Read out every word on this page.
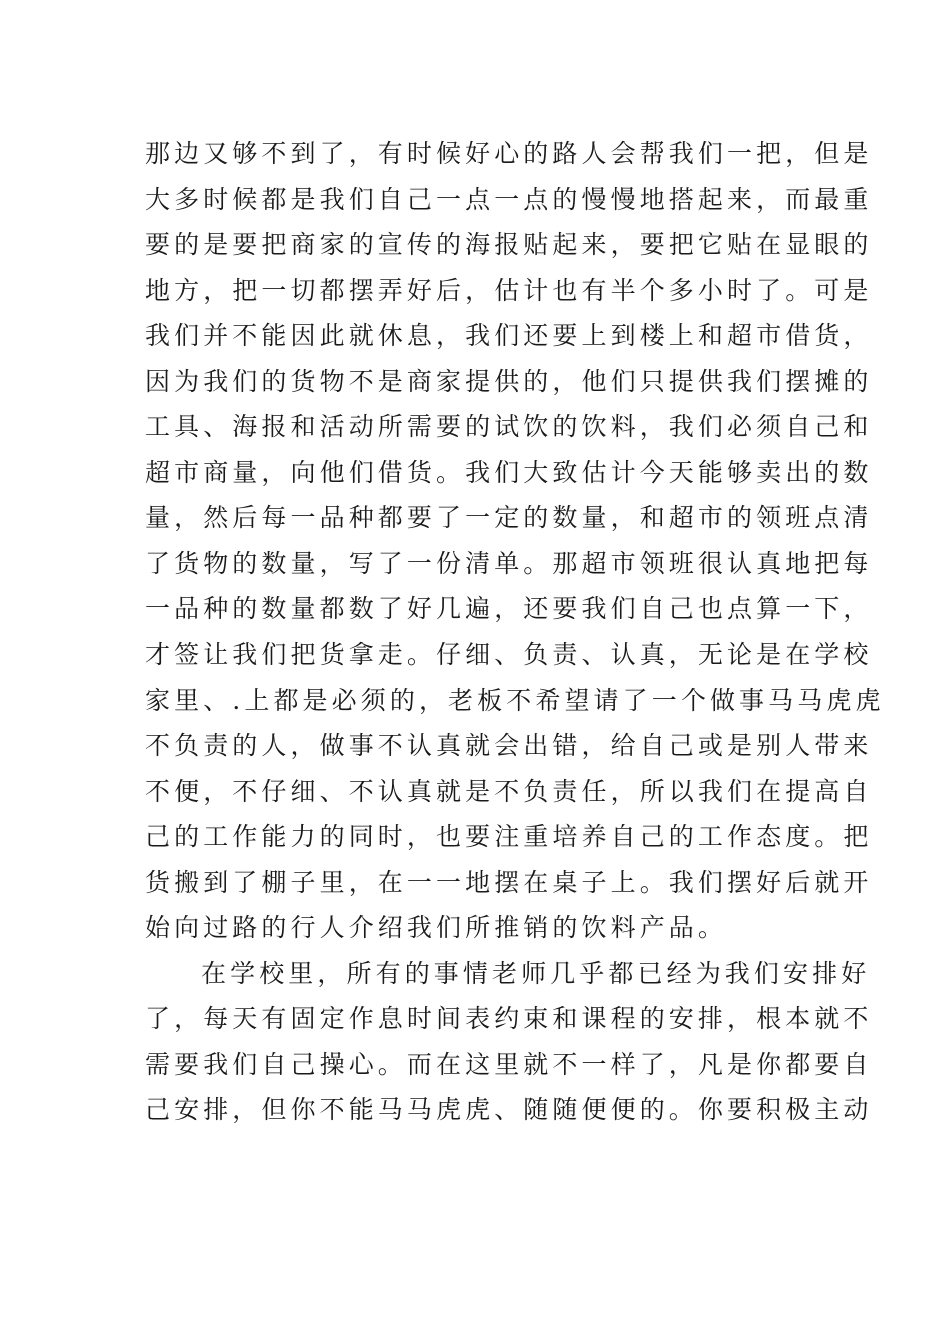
那边又够不到了，有时候好心的路人会帮我们一把，但是
大多时候都是我们自己一点一点的慢慢地搭起来，而最重
要的是要把商家的宣传的海报贴起来，要把它贴在显眼的
地方，把一切都摆弄好后，估计也有半个多小时了。可是
我们并不能因此就休息，我们还要上到楼上和超市借货，
因为我们的货物不是商家提供的，他们只提供我们摆摊的
工具、海报和活动所需要的试饮的饮料，我们必须自己和
超市商量，向他们借货。我们大致估计今天能够卖出的数
量，然后每一品种都要了一定的数量，和超市的领班点清
了货物的数量，写了一份清单。那超市领班很认真地把每
一品种的数量都数了好几遍，还要我们自己也点算一下，
才签让我们把货拿走。仔细、负责、认真，无论是在学校
家里、.上都是必须的，老板不希望请了一个做事马马虎虎
不负责的人，做事不认真就会出错，给自己或是别人带来
不便，不仔细、不认真就是不负责任，所以我们在提高自
己的工作能力的同时，也要注重培养自己的工作态度。把
货搬到了棚子里，在一一地摆在桌子上。我们摆好后就开
始向过路的行人介绍我们所推销的饮料产品。
在学校里，所有的事情老师几乎都已经为我们安排好
了，每天有固定作息时间表约束和课程的安排，根本就不
需要我们自己操心。而在这里就不一样了，凡是你都要自
己安排，但你不能马马虎虎、随随便便的。你要积极主动
